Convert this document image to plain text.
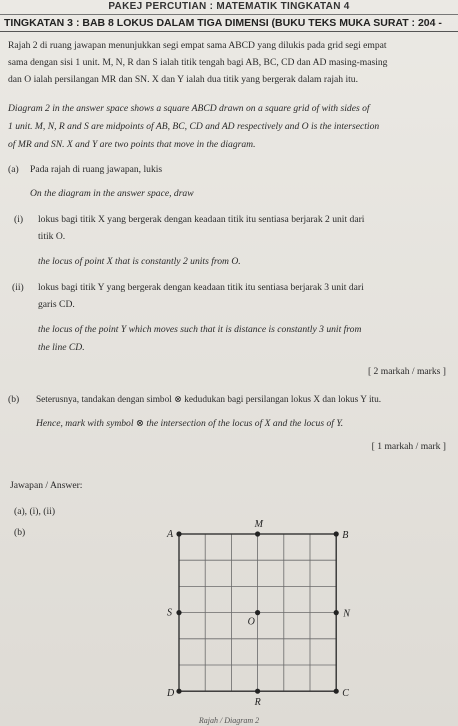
PAKEJ PERCUTIAN : MATEMATIK TINGKATAN 4
TINGKATAN 3 : BAB 8 LOKUS DALAM TIGA DIMENSI (BUKU TEKS MUKA SURAT : 204 -
Rajah 2 di ruang jawapan menunjukkan segi empat sama ABCD yang dilukis pada grid segi empat
sama dengan sisi 1 unit. M, N, R dan S ialah titik tengah bagi AB, BC, CD dan AD masing-masing
dan O ialah persilangan MR dan SN. X dan Y ialah dua titik yang bergerak dalam rajah itu.
Diagram 2 in the answer space shows a square ABCD drawn on a square grid of with sides of
1 unit. M, N, R and S are midpoints of AB, BC, CD and AD respectively and O is the intersection
of MR and SN. X and Y are two points that move in the diagram.
(a)	Pada rajah di ruang jawapan, lukis
On the diagram in the answer space, draw
(i)	lokus bagi titik X yang bergerak dengan keadaan titik itu sentiasa berjarak 2 unit dari
titik O.
the locus of point X that is constantly 2 units from O.
(ii)	lokus bagi titik Y yang bergerak dengan keadaan titik itu sentiasa berjarak 3 unit dari
garis CD.
the locus of the point Y which moves such that it is distance is constantly 3 unit from
the line CD.
[ 2 markah / marks ]
(b)	Seterusnya, tandakan dengan simbol ⊗ kedudukan bagi persilangan lokus X dan lokus Y itu.
Hence, mark with symbol ⊗ the intersection of the locus of X and the locus of Y.
[ 1 markah / mark ]
Jawapan / Answer:
(a), (i), (ii)
(b)	A	B
C
D
M
N
R
S
O
Rajah / Diagram 2
